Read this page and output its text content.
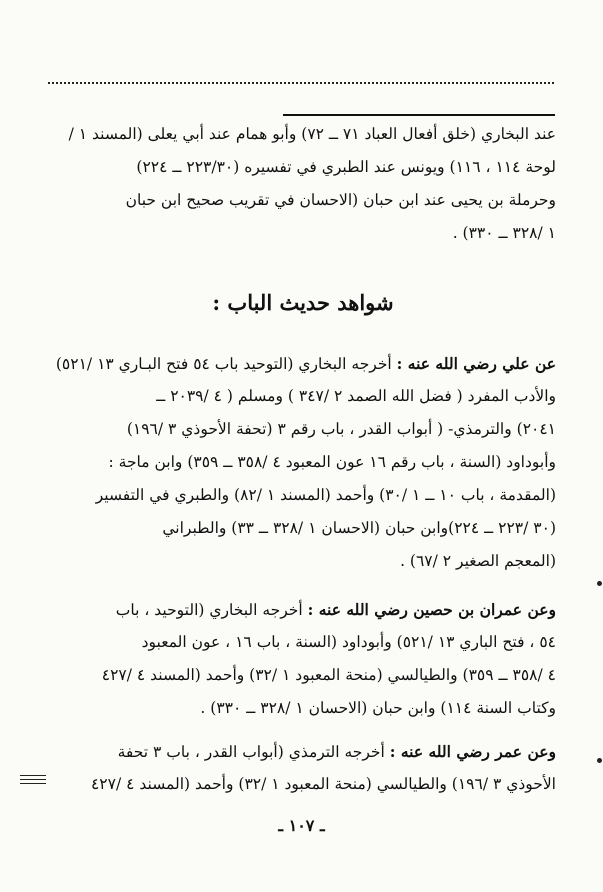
عند البخاري (خلق أفعال العباد ٧١ ــ ٧٢) وأبو همام عند أبي يعلى (المسند ١ /
لوحة ١١٤ ، ١١٦) ويونس عند الطبري في تفسيره (٢٢٣/٣٠ ــ ٢٢٤)
وحرملة بن يحيى عند ابن حبان (الاحسان في تقريب صحيح ابن حبان
١ /٣٢٨ ــ ٣٣٠) .
شواهد حديث الباب :
عن علي رضي الله عنه : أخرجه البخاري (التوحيد باب ٥٤ فتح البـاري ١٣ /٥٢١)
والأدب المفرد ( فضل الله الصمد ٢ /٣٤٧ ) ومسلم ( ٤ /٢٠٣٩ ــ
٢٠٤١) والترمذي- ( أبواب القدر ، باب رقم ٣ (تحفة الأحوذي ٣ /١٩٦)
وأبوداود (السنة ، باب رقم ١٦ عون المعبود ٤ /٣٥٨ ــ ٣٥٩) وابن ماجة :
(المقدمة ، باب ١٠ ــ ١ /٣٠) وأحمد (المسند ١ /٨٢) والطبري في التفسير
(٣٠ /٢٢٣ ــ ٢٢٤)وابن حبان (الاحسان ١ /٣٢٨ ــ ٣٣) والطبراني
(المعجم الصغير ٢ /٦٧) .
وعن عمران بن حصين رضي الله عنه : أخرجه البخاري (التوحيد ، باب
٥٤ ، فتح الباري ١٣ /٥٢١) وأبوداود (السنة ، باب ١٦ ، عون المعبود
٤ /٣٥٨ ــ ٣٥٩) والطيالسي (منحة المعبود ١ /٣٢) وأحمد (المسند ٤ /٤٢٧
وكتاب السنة ١١٤) وابن حبان (الاحسان ١ /٣٢٨ ــ ٣٣٠) .
وعن عمر رضي الله عنه : أخرجه الترمذي (أبواب القدر ، باب ٣ تحفة
الأحوذي ٣ /١٩٦) والطيالسي (منحة المعبود ١ /٣٢) وأحمد (المسند ٤ /٤٢٧
ـ ١٠٧ ـ
